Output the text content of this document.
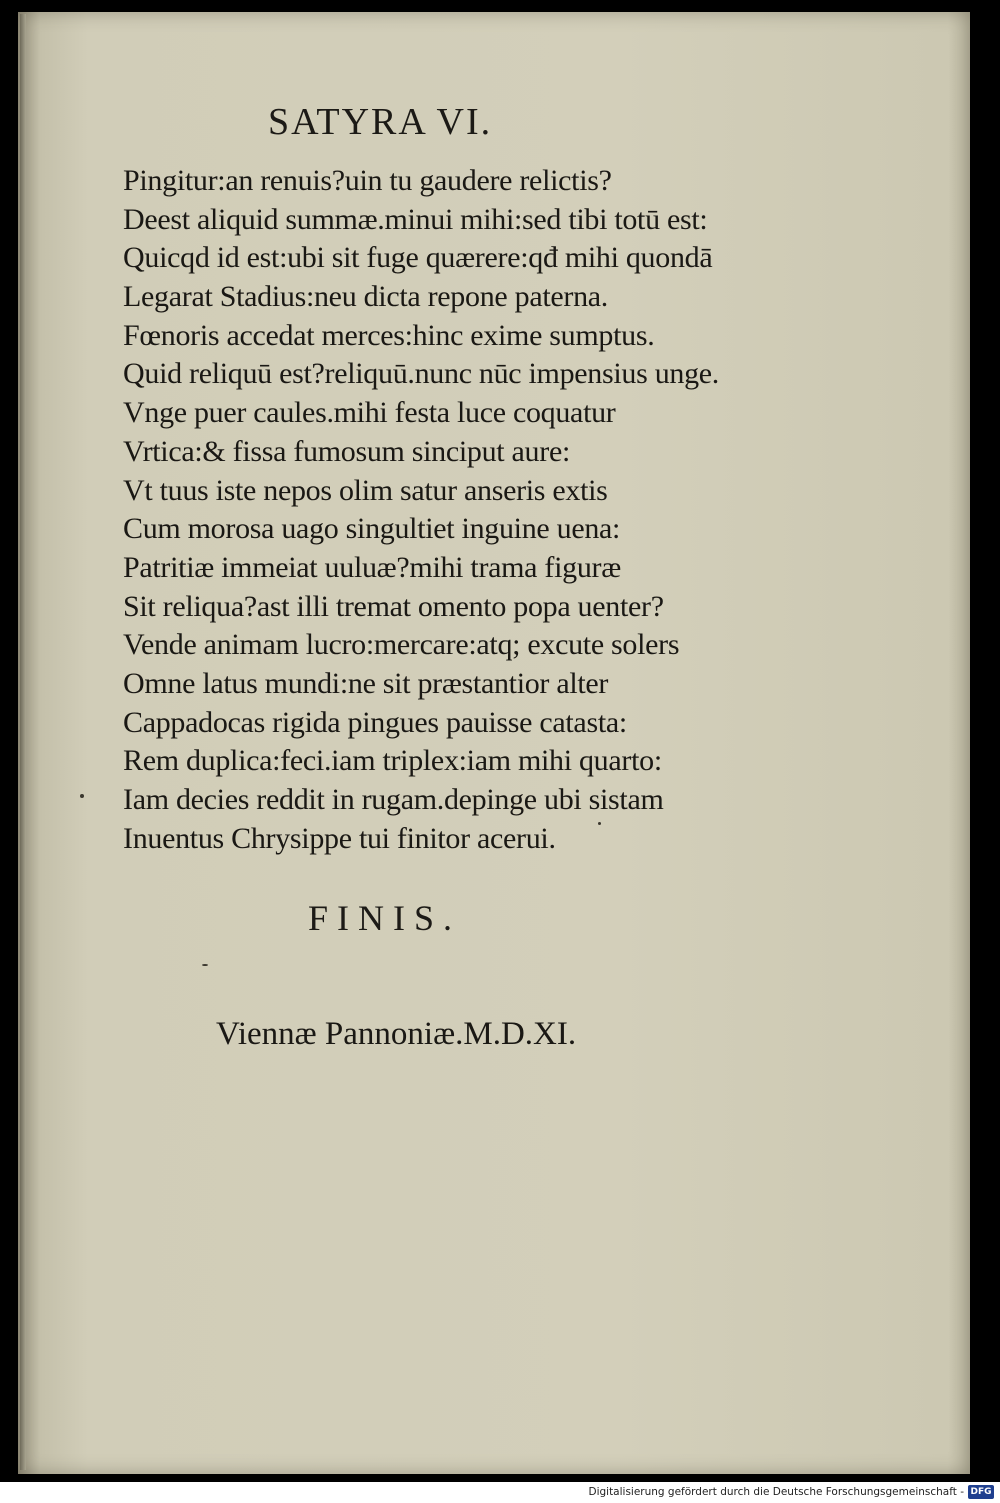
SATYRA VI.
Pingitur:an renuis?uin tu gaudere relictis?
Deest aliquid summæ.minui mihi:sed tibi totū est:
Quicqd id est:ubi sit fuge quærere:qđ mihi quondā
Legarat Stadius:neu dicta repone paterna.
Fœnoris accedat merces:hinc exime sumptus.
Quid reliquū est?reliquū.nunc nūc impensius unge.
Vnge puer caules.mihi festa luce coquatur
Vrtica:& fissa fumosum sinciput aure:
Vt tuus iste nepos olim satur anseris extis
Cum morosa uago singultiet inguine uena:
Patritiæ immeiat uuluæ?mihi trama figuræ
Sit reliqua?ast illi tremat omento popa uenter?
Vende animam lucro:mercare:atq; excute solers
Omne latus mundi:ne sit præstantior alter
Cappadocas rigida pingues pauisse catasta:
Rem duplica:feci.iam triplex:iam mihi quarto:
Iam decies reddit in rugam.depinge ubi sistam
Inuentus Chrysippe tui finitor acerui.

FINIS.

Viennæ Pannoniæ.M.D.XI.

Digitalisierung gefördert durch die Deutsche Forschungsgemeinschaft - DFG
